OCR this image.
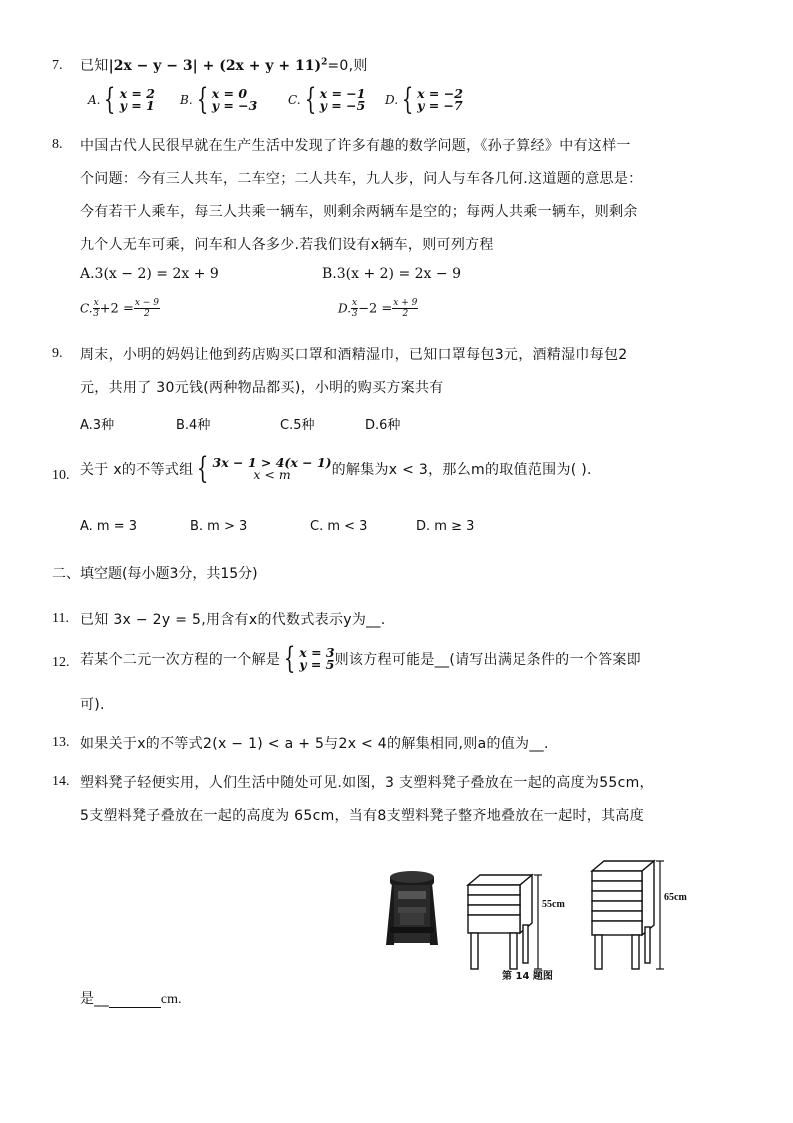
7. 已知$|2x - y - 3| + (2x + y + 11)^2=0$,则
A. { x = 2
y = 1 B. { x = 0
y = −3	C. { x = −1
y = −5 D. { x = −2
y = −7
8. 中国古代人民很早就在生产生活中发现了许多有趣的数学问题，《孙子算经》中有这样一
个问题：今有三人共车，二车空；二人共车，九人步，问人与车各几何.这道题的意思是：
今有若干人乘车，每三人共乘一辆车，则剩余两辆车是空的；每两人共乘一辆车，则剩余
九个人无车可乘，问车和人各多少.若我们设有x辆车，则可列方程
A.3(x − 2) = 2x + 9	B.3(x + 2) = 2x − 9
C. $\frac{x}{3} +2 = \frac{x - 9}{2}$	D. $\frac{x}{3} -2 = \frac{x + 9}{2}$
9. 周末，小明的妈妈让他到药店购买口罩和酒精湿巾，已知口罩每包3元，酒精湿巾每包2
元，共用了 30元钱(两种物品都买)，小明的购买方案共有
A.3种	B.4种	C.5种	D.6种
10. 关于 x的不等式组 { 3x − 1 > 4(x − 1)
x < m	的解集为x < 3，那么m的取值范围为( ).
A. m = 3	B. m > 3	C. m < 3	D. m ≥ 3
二、填空题(每小题3分，共15分)
11. 已知 3x − 2y = 5,用含有x的代数式表示y为__.
12. 若某个二元一次方程的一个解是 { x = 3
y = 5 则该方程可能是__(请写出满足条件的一个答案即
可).
13. 如果关于x的不等式2(x − 1) < a + 5与2x < 4的解集相同,则a的值为__.
14. 塑料凳子轻便实用，人们生活中随处可见.如图，3 支塑料凳子叠放在一起的高度为55cm，
5支塑料凳子叠放在一起的高度为 65cm，当有8支塑料凳子整齐地叠放在一起时，其高度
55cm
65cm
第 14 题图
是__	cm.
